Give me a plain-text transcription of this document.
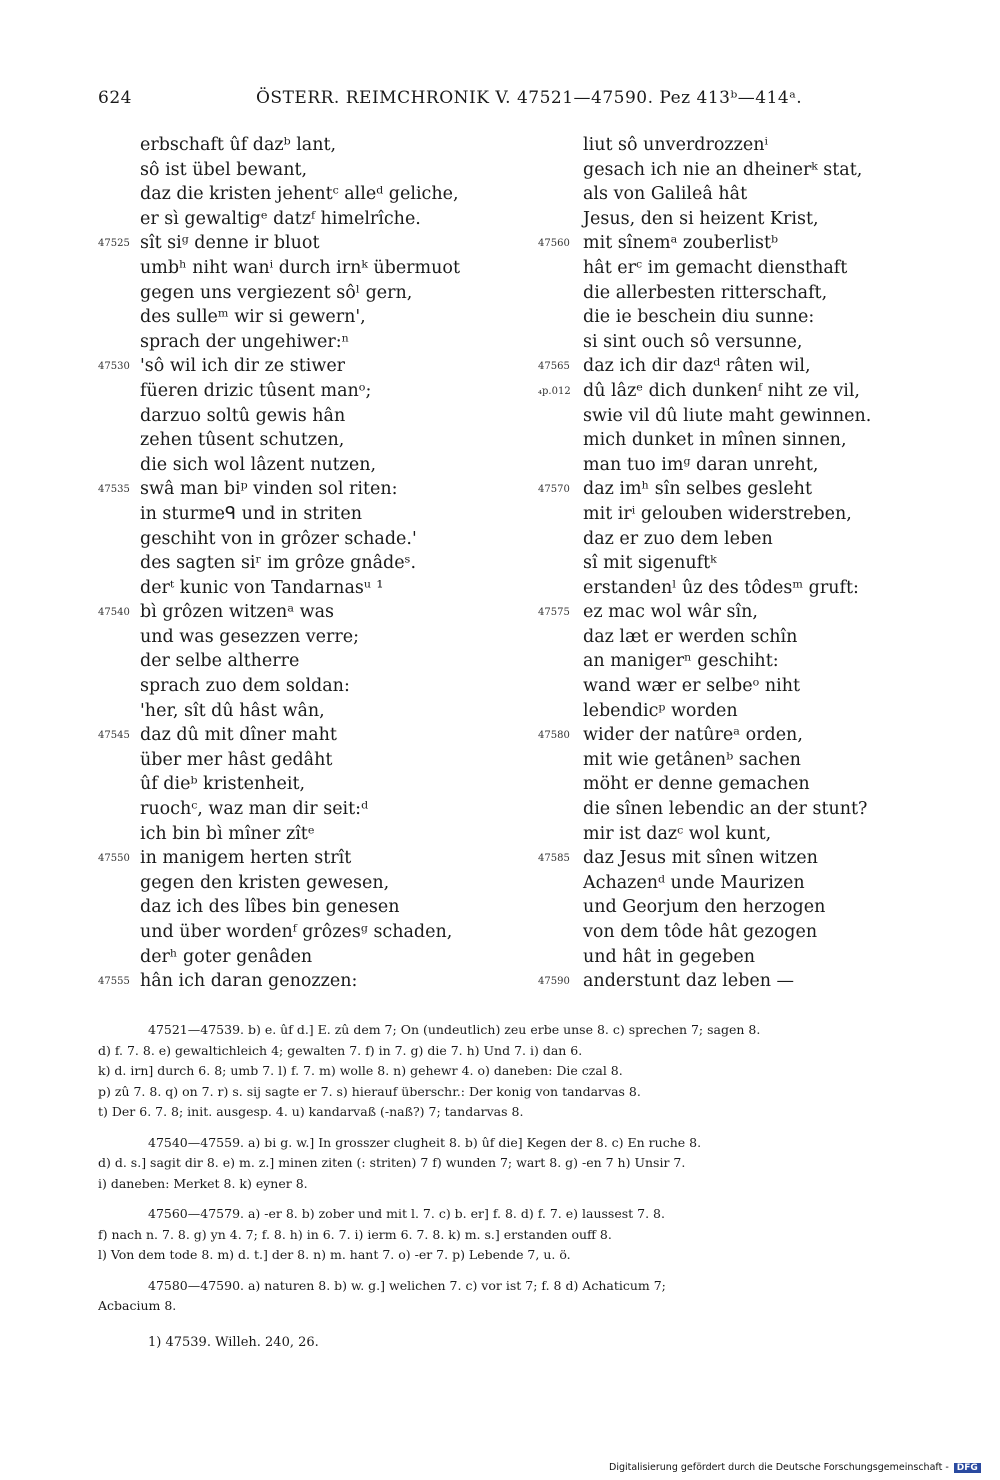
624	ÖSTERR. REIMCHRONIK V. 47521—47590. Pez 413ᵇ—414ᵃ.
erbschaft ûf dazᵇ lant,
sô ist übel bewant,
daz die kristen jehentᶜ alleᵈ geliche,
er sì gewaltigᵉ datzᶠ himelrîche.
47525 sît siᵍ denne ir bluot
umbʰ niht wanⁱ durch irnᵏ übermuot
gegen uns vergiezent sôˡ gern,
des sulleᵐ wir si gewern',
sprach der ungehiwer:ⁿ
47530 'sô wil ich dir ze stiwer
füeren drizic tûsent manᵒ;
darzuo soltû gewis hân
zehen tûsent schutzen,
die sich wol lâzent nutzen,
47535 swâ man biᵖ vinden sol riten:
in sturmeᑫ und in striten
geschiht von in grôzer schade.'
des sagten siʳ im grôze gnâdeˢ.
derᵗ kunic von Tandarnasᵘ ¹
47540 bì grôzen witzenᵃ was
und was gesezzen verre;
der selbe altherre
sprach zuo dem soldan:
'her, sît dû hâst wân,
47545 daz dû mit dîner maht
über mer hâst gedâht
ûf dieᵇ kristenheit,
ruochᶜ, waz man dir seit:ᵈ
ich bin bì mîner zîtᵉ
47550 in manigem herten strît
gegen den kristen gewesen,
daz ich des lîbes bin genesen
und über wordenᶠ grôzesᵍ schaden,
derʰ goter genâden
47555 hân ich daran genozzen:
liut sô unverdrozzenⁱ
gesach ich nie an dheinerᵏ stat,
als von Galileâ hât
Jesus, den si heizent Krist,
47560 mit sînemᵃ zouberlistᵇ
hât erᶜ im gemacht diensthaft
die allerbesten ritterschaft,
die ie beschein diu sunne:
si sint ouch sô versunne,
47565 daz ich dir dazᵈ râten wil,
₄p.012 dû lâzᵉ dich dunkenᶠ niht ze vil,
swie vil dû liute maht gewinnen.
mich dunket in mînen sinnen,
man tuo imᵍ daran unreht,
47570 daz imʰ sîn selbes gesleht
mit irⁱ gelouben widerstreben,
daz er zuo dem leben
sî mit sigenuftᵏ
erstandenˡ ûz des tôdesᵐ gruft:
47575 ez mac wol wâr sîn,
daz læt er werden schîn
an manigerⁿ geschiht:
wand wær er selbeᵒ niht
lebendicᵖ worden
47580 wider der natûreᵃ orden,
mit wie getânenᵇ sachen
möht er denne gemachen
die sînen lebendic an der stunt?
mir ist dazᶜ wol kunt,
47585 daz Jesus mit sînen witzen
Achazenᵈ unde Maurizen
und Georjum den herzogen
von dem tôde hât gezogen
und hât in gegeben
47590 anderstunt daz leben —
47521—47539. b) e. ûf d.] E. zû dem 7; On (undeutlich) zeu erbe unse 8. c) sprechen 7; sagen 8.
d) f. 7. 8. e) gewaltichleich 4; gewalten 7. f) in 7. g) die 7. h) Und 7. i) dan 6.
k) d. irn] durch 6. 8; umb 7. l) f. 7. m) wolle 8. n) gehewr 4. o) daneben: Die czal 8.
p) zû 7. 8. q) on 7. r) s. sij sagte er 7. s) hierauf überschr.: Der konig von tandarvas 8.
t) Der 6. 7. 8; init. ausgesp. 4. u) kandarvaß (-naß?) 7; tandarvas 8.
47540—47559. a) bi g. w.] In grosszer clugheit 8. b) ûf die] Kegen der 8. c) En ruche 8.
d) d. s.] sagit dir 8. e) m. z.] minen ziten (: striten) 7 f) wunden 7; wart 8. g) -en 7 h) Unsir 7.
i) daneben: Merket 8. k) eyner 8.
47560—47579. a) -er 8. b) zober und mit l. 7. c) b. er] f. 8. d) f. 7. e) laussest 7. 8.
f) nach n. 7. 8. g) yn 4. 7; f. 8. h) in 6. 7. i) ierm 6. 7. 8. k) m. s.] erstanden ouff 8.
l) Von dem tode 8. m) d. t.] der 8. n) m. hant 7. o) -er 7. p) Lebende 7, u. ö.
47580—47590. a) naturen 8. b) w. g.] welichen 7. c) vor ist 7; f. 8 d) Achaticum 7;
Acbacium 8.
1) 47539. Willeh. 240, 26.
Digitalisierung gefördert durch die Deutsche Forschungsgemeinschaft - DFG
